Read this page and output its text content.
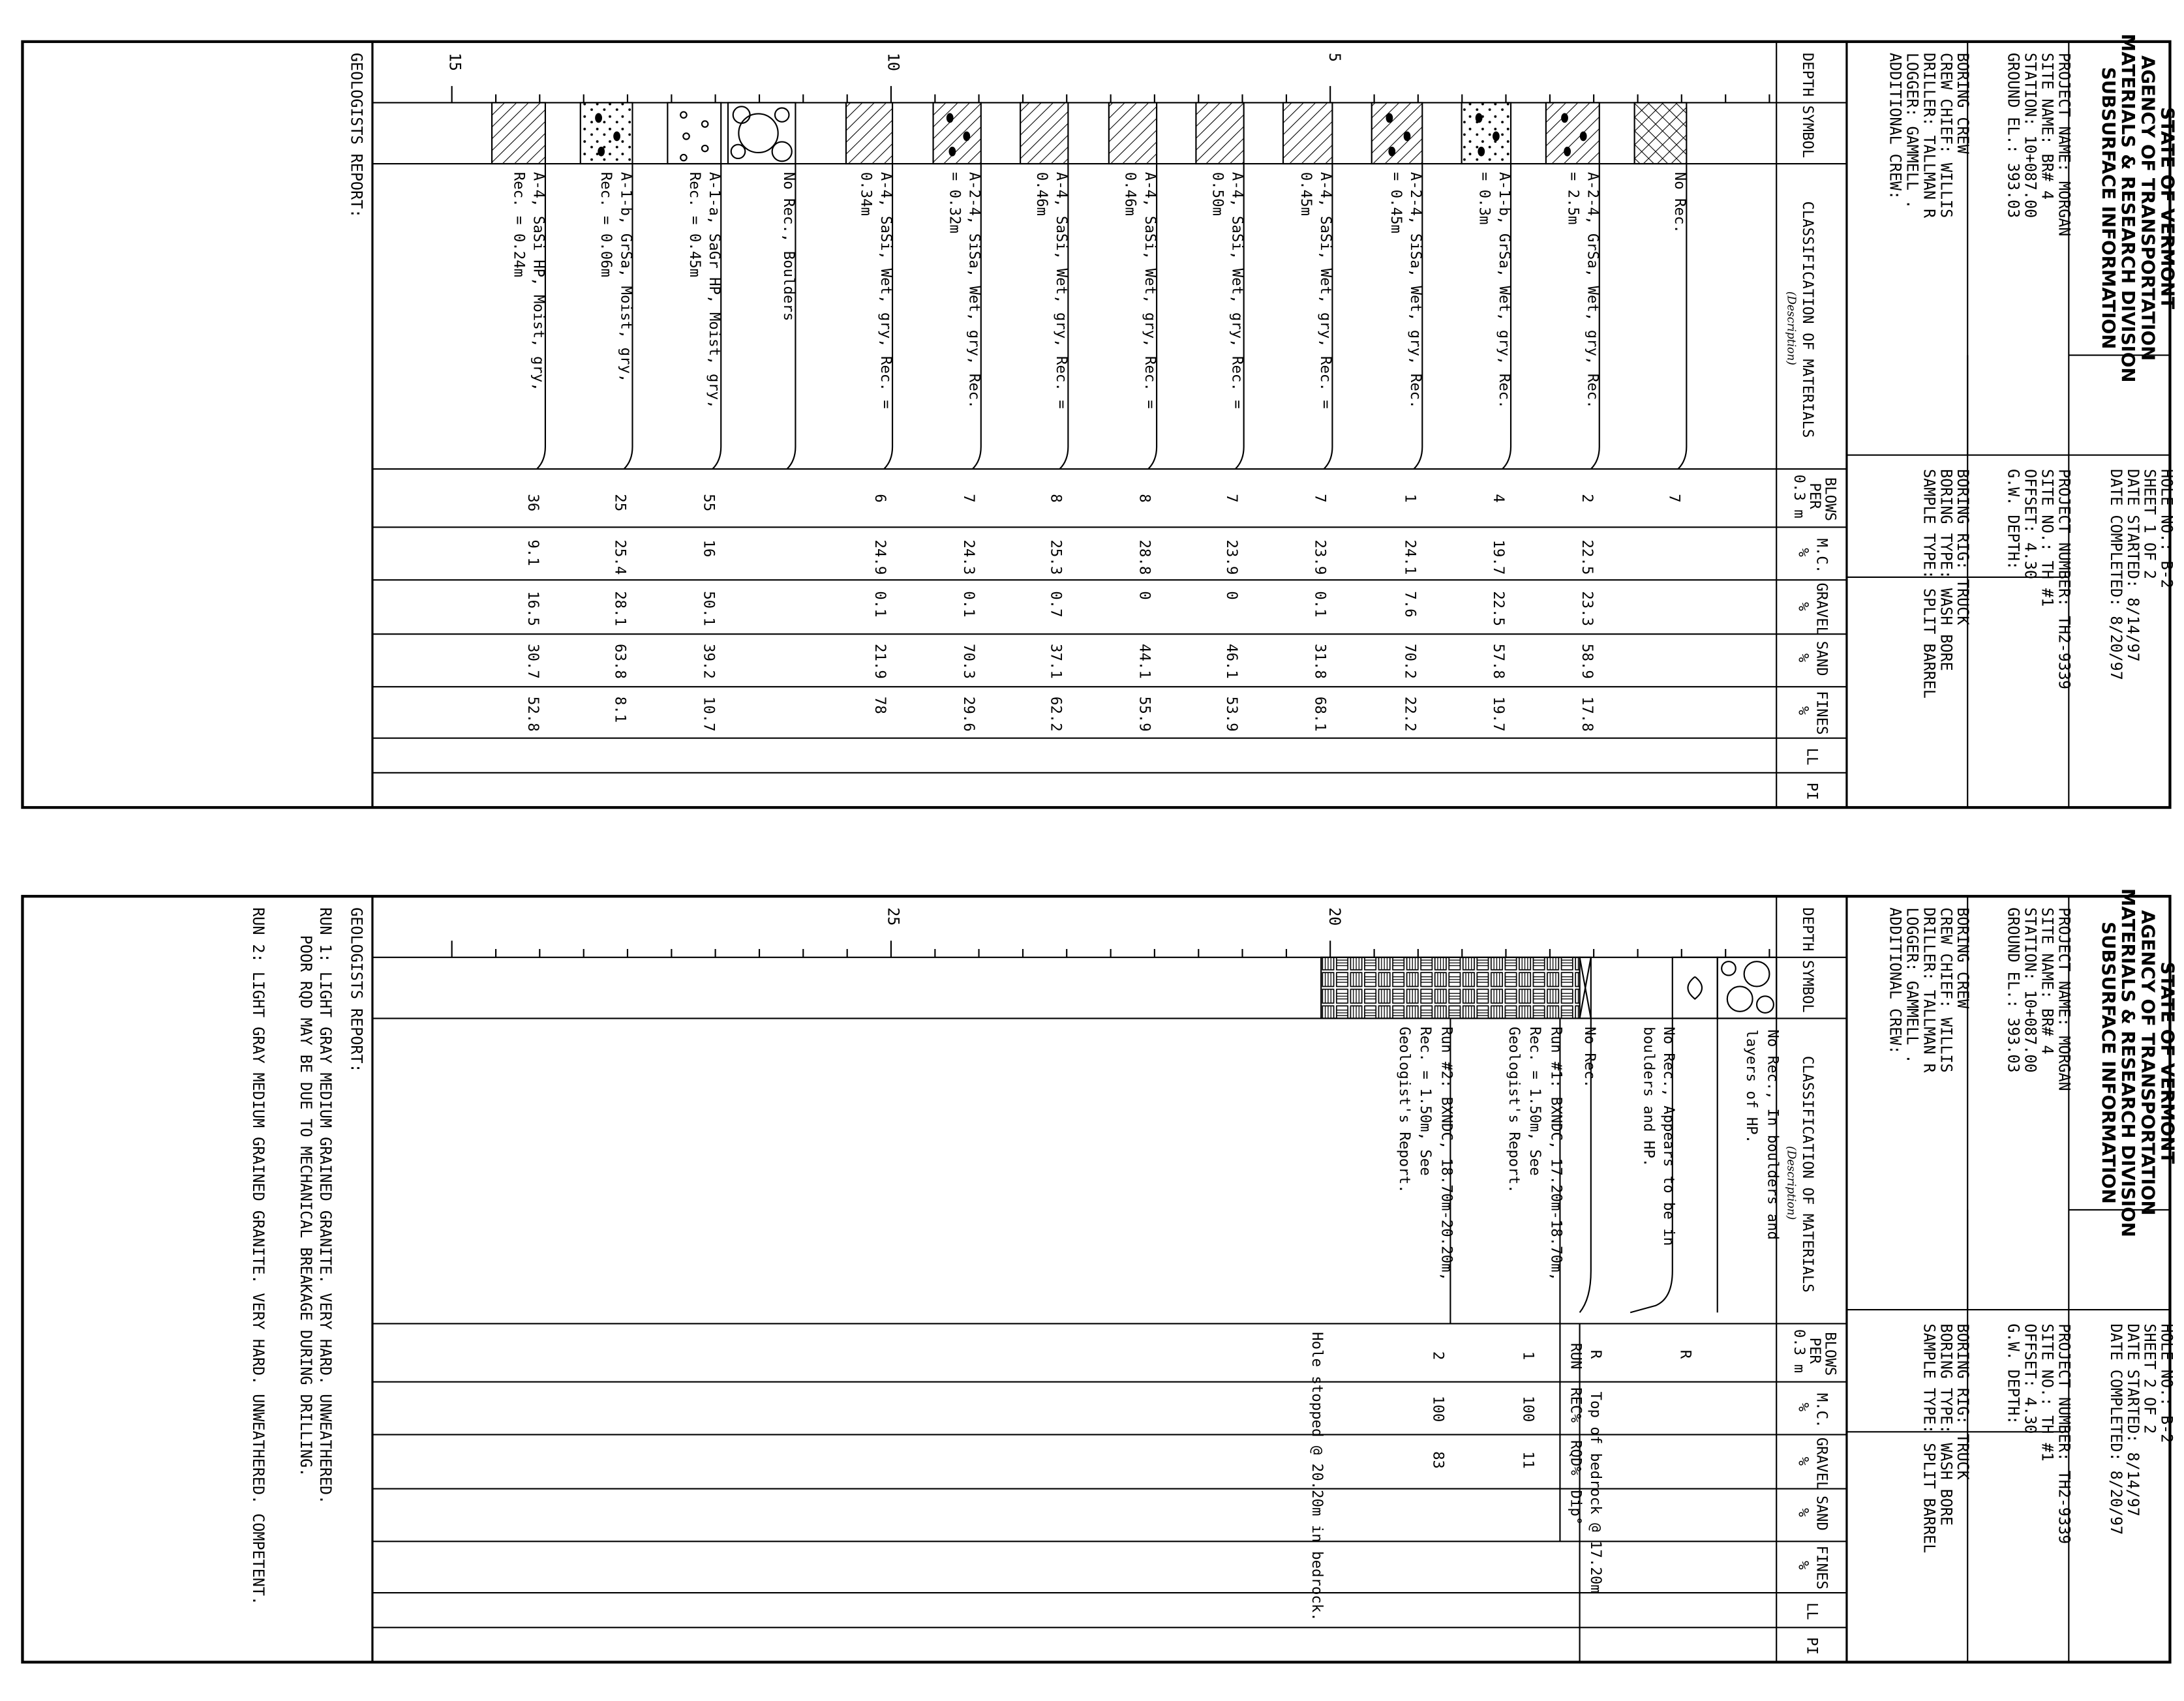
STATE OF VERMONT
AGENCY OF TRANSPORTATION
MATERIALS & RESEARCH DIVISION
SUBSURFACE INFORMATION
PROJECT NAME: MORGAN
SITE NAME: BR# 4
STATION: 10+087.00
GROUND EL.: 393.03
BORING CREW
CREW CHIEF: WILLIS
DRILLER: TALLMAN R
LOGGER: GAMMELL .
ADDITIONAL CREW:
HOLE NO.: B-2
SHEET 1 OF 2
DATE STARTED: 8/14/97
DATE COMPLETED: 8/20/97
PROJECT NUMBER: TH2-9339
SITE NO.: TH #1
OFFSET: 4.30
G.W. DEPTH:
BORING RIG: TRUCK
BORING TYPE: WASH BORE
SAMPLE TYPE: SPLIT BARREL
DEPTH
SYMBOL
CLASSIFICATION OF MATERIALS
(Description)
BLOWS
PER
0.3 m
M.C.
%
GRAVEL
%
SAND
%
FINES
%
LL
PI
5
10
15
No Rec.
7
A-2-4, GrSa, Wet, gry, Rec.
= 2.5m
2
22.5
23.3
58.9
17.8
A-1-b, GrSa, Wet, gry, Rec.
= 0.3m
4
19.7
22.5
57.8
19.7
A-2-4, SiSa, Wet, gry, Rec.
= 0.45m
1
24.1
7.6
70.2
22.2
A-4, SaSi, Wet, gry, Rec. =
0.45m
7
23.9
0.1
31.8
68.1
A-4, SaSi, Wet, gry, Rec. =
0.50m
7
23.9
0
46.1
53.9
A-4, SaSi, Wet, gry, Rec. =
0.46m
8
28.8
0
44.1
55.9
A-4, SaSi, Wet, gry, Rec. =
0.46m
8
25.3
0.7
37.1
62.2
A-2-4, SiSa, Wet, gry, Rec.
= 0.32m
7
24.3
0.1
70.3
29.6
A-4, SaSi, Wet, gry, Rec. =
0.34m
6
24.9
0.1
21.9
78
No Rec., Boulders
A-1-a, SaGr HP, Moist, gry,
Rec. = 0.45m
55
16
50.1
39.2
10.7
A-1-b, GrSa, Moist, gry,
Rec. = 0.06m
25
25.4
28.1
63.8
8.1
A-4, SaSi HP, Moist, gry,
Rec. = 0.24m
36
9.1
16.5
30.7
52.8
GEOLOGISTS REPORT:
STATE OF VERMONT
AGENCY OF TRANSPORTATION
MATERIALS & RESEARCH DIVISION
SUBSURFACE INFORMATION
PROJECT NAME: MORGAN
SITE NAME: BR# 4
STATION: 10+087.00
GROUND EL.: 393.03
BORING CREW
CREW CHIEF: WILLIS
DRILLER: TALLMAN R
LOGGER: GAMMELL .
ADDITIONAL CREW:
HOLE NO.: B-2
SHEET 2 OF 2
DATE STARTED: 8/14/97
DATE COMPLETED: 8/20/97
PROJECT NUMBER: TH2-9339
SITE NO.: TH #1
OFFSET: 4.30
G.W. DEPTH:
BORING RIG: TRUCK
BORING TYPE: WASH BORE
SAMPLE TYPE: SPLIT BARREL
DEPTH
SYMBOL
CLASSIFICATION OF MATERIALS
(Description)
BLOWS
PER
0.3 m
M.C.
%
GRAVEL
%
SAND
%
FINES
%
LL
PI
20
25
No Rec., In boulders and
layers of HP.
No Rec., Appears to be in
boulders and HP.
No Rec.
Run #1: BXNDC, 17.20m-18.70m,
Rec. = 1.50m, See
Geologist's Report.
Run #2: BXNDC, 18.70m-20.20m,
Rec. = 1.50m, See
Geologist's Report.
R
R
Top of bedrock @ 17.20m
RUN
REC%
RQD%
Dip°
1
100
11
2
100
83
Hole stopped @ 20.20m in bedrock.
GEOLOGISTS REPORT:
RUN 1: LIGHT GRAY MEDIUM GRAINED GRANITE. VERY HARD. UNWEATHERED.
POOR RQD MAY BE DUE TO MECHANICAL BREAKAGE DURING DRILLING.
RUN 2: LIGHT GRAY MEDIUM GRAINED GRANITE. VERY HARD. UNWEATHERED. COMPETENT.
